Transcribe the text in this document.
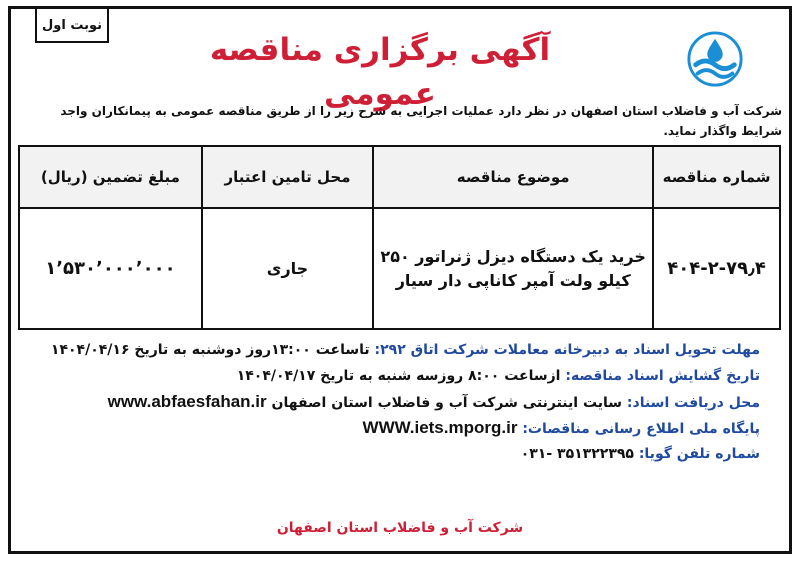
نوبت اول
آگهی برگزاری مناقصه عمومی
شرکت آب و فاضلاب استان اصفهان در نظر دارد عملیات اجرایی به شرح زیر را از طریق مناقصه عمومی به پیمانکاران واجد شرایط واگذار نماید.
شماره مناقصه	موضوع مناقصه	محل تامین اعتبار	مبلغ تضمین (ریال)
۴۰۴-۲-۷۹٫۴	خرید یک دستگاه دیزل ژنراتور ۲۵۰ کیلو ولت آمپر کاناپی دار سیار	جاری	۱٬۵۳۰٬۰۰۰٬۰۰۰
مهلت تحویل اسناد به دبیرخانه معاملات شرکت اتاق ۲۹۲: تاساعت ۱۳:۰۰روز دوشنبه به تاریخ ۱۴۰۴/۰۴/۱۶
تاریخ گشایش اسناد مناقصه: ازساعت ۸:۰۰ روزسه شنبه به تاریخ ۱۴۰۴/۰۴/۱۷
محل دریافت اسناد: سایت اینترنتی شرکت آب و فاضلاب استان اصفهان www.abfaesfahan.ir
پایگاه ملی اطلاع رسانی مناقصات: WWW.iets.mporg.ir
شماره تلفن گویا: ۳۵۱۳۲۲۳۹۵ -۰۳۱
شرکت آب و فاضلاب استان اصفهان
